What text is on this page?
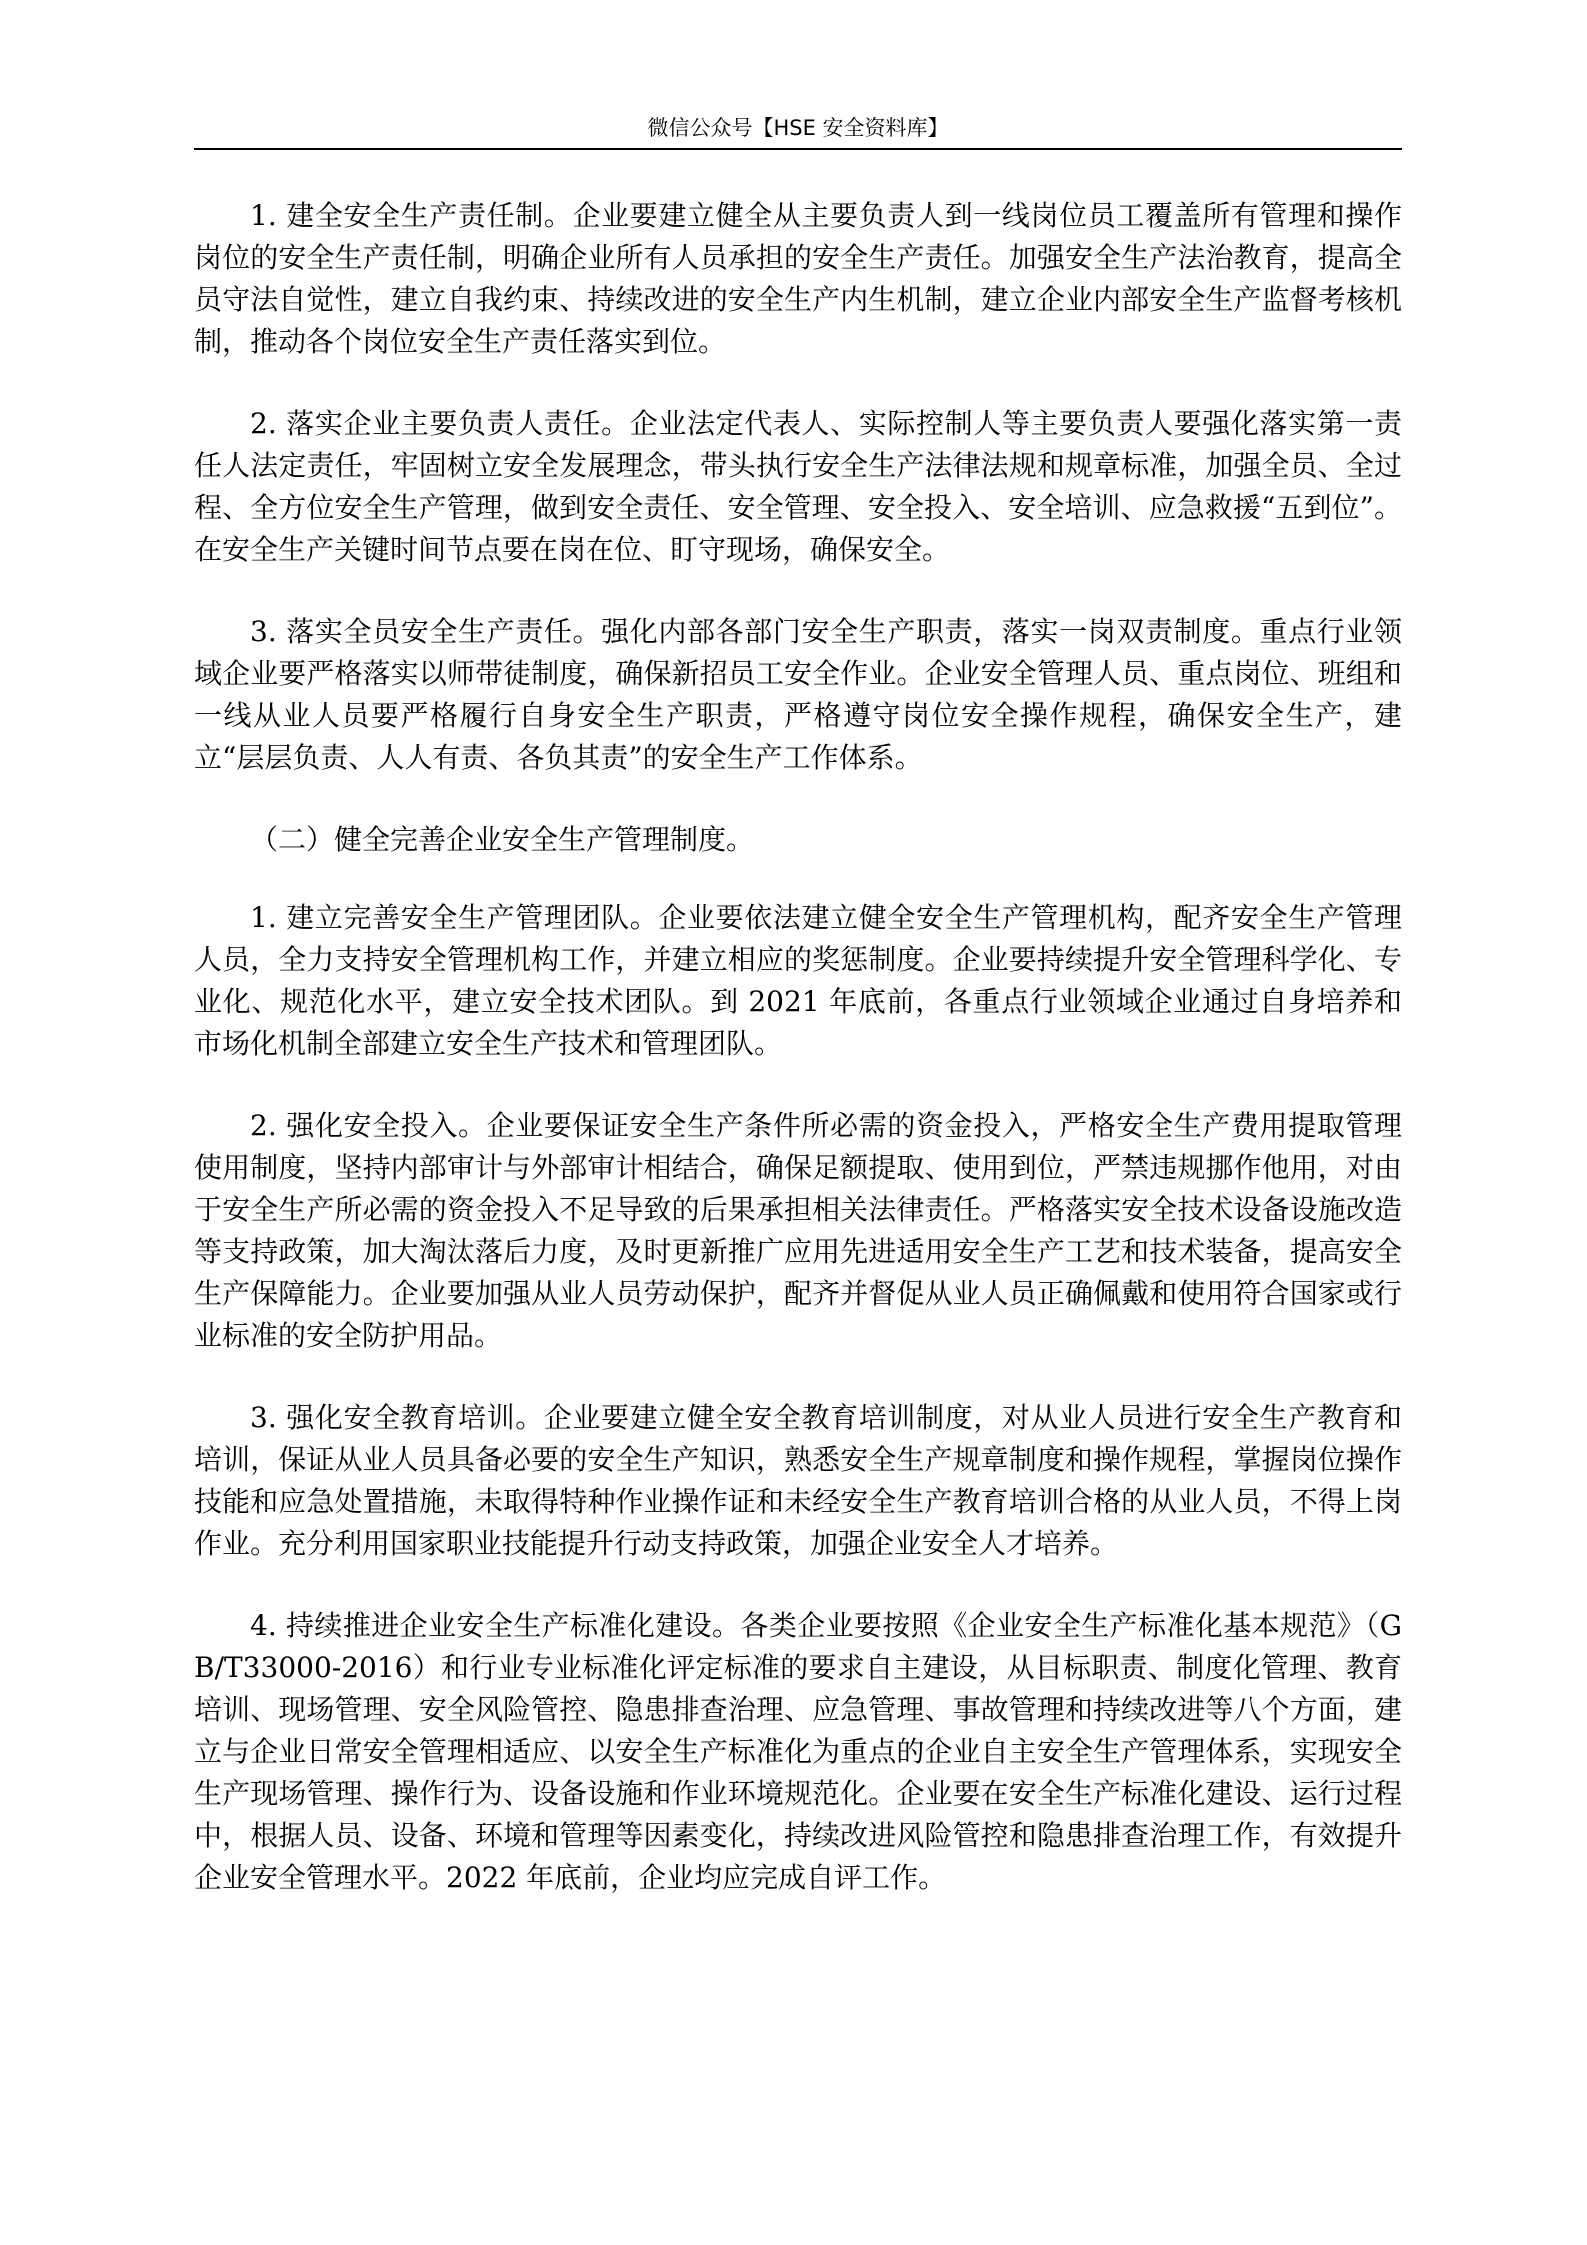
微信公众号【HSE 安全资料库】

1. 建全安全生产责任制。企业要建立健全从主要负责人到一线岗位员工覆盖所有管理和操作岗位的安全生产责任制，明确企业所有人员承担的安全生产责任。加强安全生产法治教育，提高全员守法自觉性，建立自我约束、持续改进的安全生产内生机制，建立企业内部安全生产监督考核机制，推动各个岗位安全生产责任落实到位。

2. 落实企业主要负责人责任。企业法定代表人、实际控制人等主要负责人要强化落实第一责任人法定责任，牢固树立安全发展理念，带头执行安全生产法律法规和规章标准，加强全员、全过程、全方位安全生产管理，做到安全责任、安全管理、安全投入、安全培训、应急救援“五到位”。在安全生产关键时间节点要在岗在位、盯守现场，确保安全。

3. 落实全员安全生产责任。强化内部各部门安全生产职责，落实一岗双责制度。重点行业领域企业要严格落实以师带徒制度，确保新招员工安全作业。企业安全管理人员、重点岗位、班组和一线从业人员要严格履行自身安全生产职责，严格遵守岗位安全操作规程，确保安全生产，建立“层层负责、人人有责、各负其责”的安全生产工作体系。

（二）健全完善企业安全生产管理制度。

1. 建立完善安全生产管理团队。企业要依法建立健全安全生产管理机构，配齐安全生产管理人员，全力支持安全管理机构工作，并建立相应的奖惩制度。企业要持续提升安全管理科学化、专业化、规范化水平，建立安全技术团队。到 2021 年底前，各重点行业领域企业通过自身培养和市场化机制全部建立安全生产技术和管理团队。

2. 强化安全投入。企业要保证安全生产条件所必需的资金投入，严格安全生产费用提取管理使用制度，坚持内部审计与外部审计相结合，确保足额提取、使用到位，严禁违规挪作他用，对由于安全生产所必需的资金投入不足导致的后果承担相关法律责任。严格落实安全技术设备设施改造等支持政策，加大淘汰落后力度，及时更新推广应用先进适用安全生产工艺和技术装备，提高安全生产保障能力。企业要加强从业人员劳动保护，配齐并督促从业人员正确佩戴和使用符合国家或行业标准的安全防护用品。

3. 强化安全教育培训。企业要建立健全安全教育培训制度，对从业人员进行安全生产教育和培训，保证从业人员具备必要的安全生产知识，熟悉安全生产规章制度和操作规程，掌握岗位操作技能和应急处置措施，未取得特种作业操作证和未经安全生产教育培训合格的从业人员，不得上岗作业。充分利用国家职业技能提升行动支持政策，加强企业安全人才培养。

4. 持续推进企业安全生产标准化建设。各类企业要按照《企业安全生产标准化基本规范》（GB/T33000-2016）和行业专业标准化评定标准的要求自主建设，从目标职责、制度化管理、教育培训、现场管理、安全风险管控、隐患排查治理、应急管理、事故管理和持续改进等八个方面，建立与企业日常安全管理相适应、以安全生产标准化为重点的企业自主安全生产管理体系，实现安全生产现场管理、操作行为、设备设施和作业环境规范化。企业要在安全生产标准化建设、运行过程中，根据人员、设备、环境和管理等因素变化，持续改进风险管控和隐患排查治理工作，有效提升企业安全管理水平。2022 年底前，企业均应完成自评工作。
